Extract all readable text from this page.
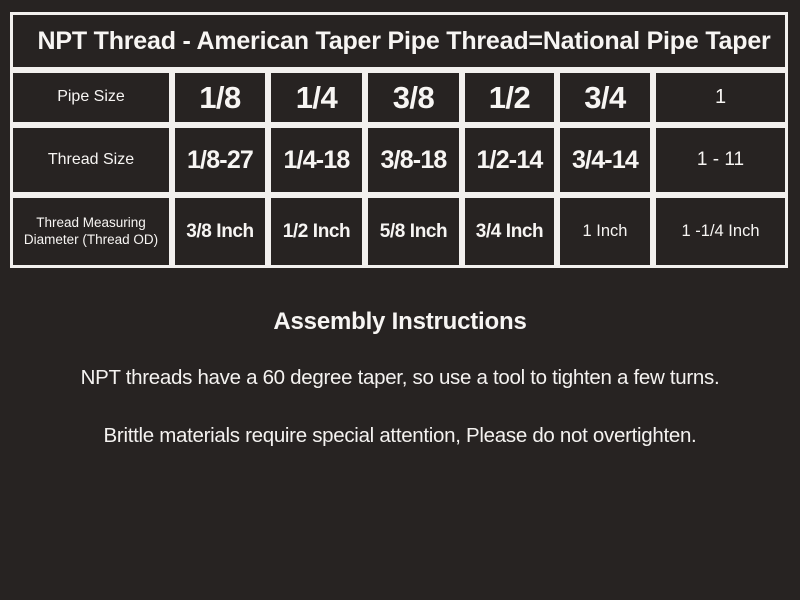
NPT Thread - American Taper Pipe Thread=National Pipe Taper						
Pipe Size	1/8	1/4	3/8	1/2	3/4	1
Thread Size	1/8-27	1/4-18	3/8-18	1/2-14	3/4-14	1 - 11
Thread Measuring
Diameter (Thread OD)	3/8 Inch	1/2 Inch	5/8 Inch	3/4 Inch	1 Inch	1 -1/4 Inch
Assembly Instructions
NPT threads have a 60 degree taper, so use a tool to tighten a few turns.
Brittle materials require special attention, Please do not overtighten.
